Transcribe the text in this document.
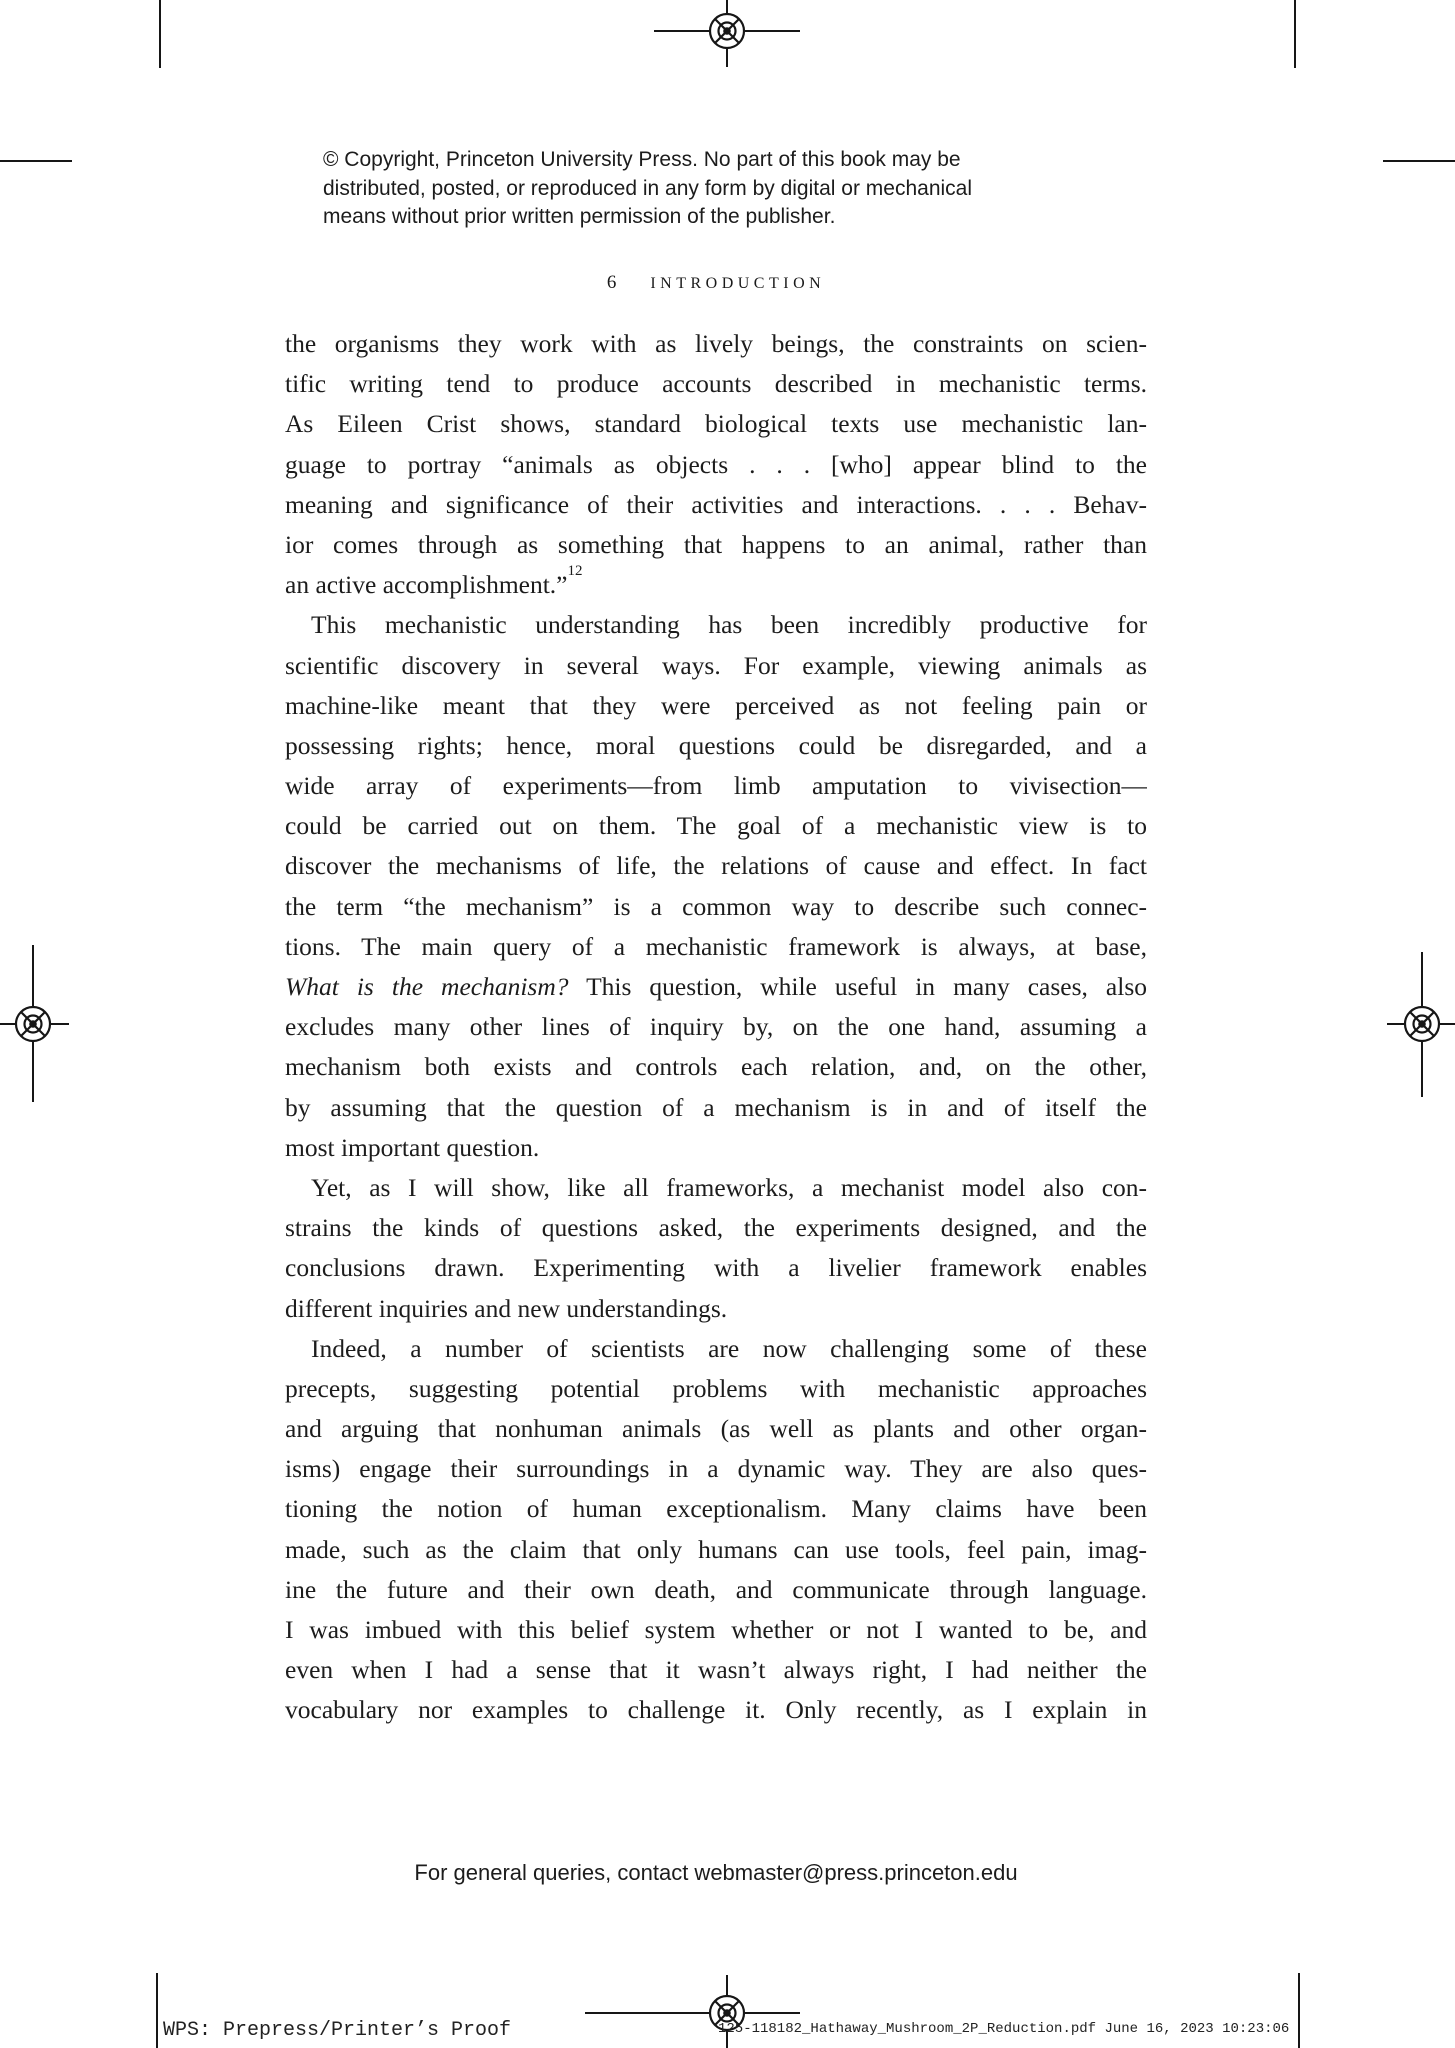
© Copyright, Princeton University Press. No part of this book may be
distributed, posted, or reproduced in any form by digital or mechanical
means without prior written permission of the publisher.
6 INTRODUCTION
the organisms they work with as lively beings, the constraints on scien-
tific writing tend to produce accounts described in mechanistic terms.
As Eileen Crist shows, standard biological texts use mechanistic lan-
guage to portray “animals as objects . . . [who] appear blind to the
meaning and significance of their activities and interactions. . . . Behav-
ior comes through as something that happens to an animal, rather than
an active accomplishment.”$^{12}$
This mechanistic understanding has been incredibly productive for
scientific discovery in several ways. For example, viewing animals as
machine-like meant that they were perceived as not feeling pain or
possessing rights; hence, moral questions could be disregarded, and a
wide array of experiments—from limb amputation to vivisection—
could be carried out on them. The goal of a mechanistic view is to
discover the mechanisms of life, the relations of cause and effect. In fact
the term “the mechanism” is a common way to describe such connec-
tions. The main query of a mechanistic framework is always, at base,
What is the mechanism? This question, while useful in many cases, also
excludes many other lines of inquiry by, on the one hand, assuming a
mechanism both exists and controls each relation, and, on the other,
by assuming that the question of a mechanism is in and of itself the
most important question.
Yet, as I will show, like all frameworks, a mechanist model also con-
strains the kinds of questions asked, the experiments designed, and the
conclusions drawn. Experimenting with a livelier framework enables
different inquiries and new understandings.
Indeed, a number of scientists are now challenging some of these
precepts, suggesting potential problems with mechanistic approaches
and arguing that nonhuman animals (as well as plants and other organ-
isms) engage their surroundings in a dynamic way. They are also ques-
tioning the notion of human exceptionalism. Many claims have been
made, such as the claim that only humans can use tools, feel pain, imag-
ine the future and their own death, and communicate through language.
I was imbued with this belief system whether or not I wanted to be, and
even when I had a sense that it wasn’t always right, I had neither the
vocabulary nor examples to challenge it. Only recently, as I explain in
For general queries, contact webmaster@press.princeton.edu
WPS: Prepress/Printer’s Proof	125-118182_Hathaway_Mushroom_2P_Reduction.pdf June 16, 2023 10:23:06
